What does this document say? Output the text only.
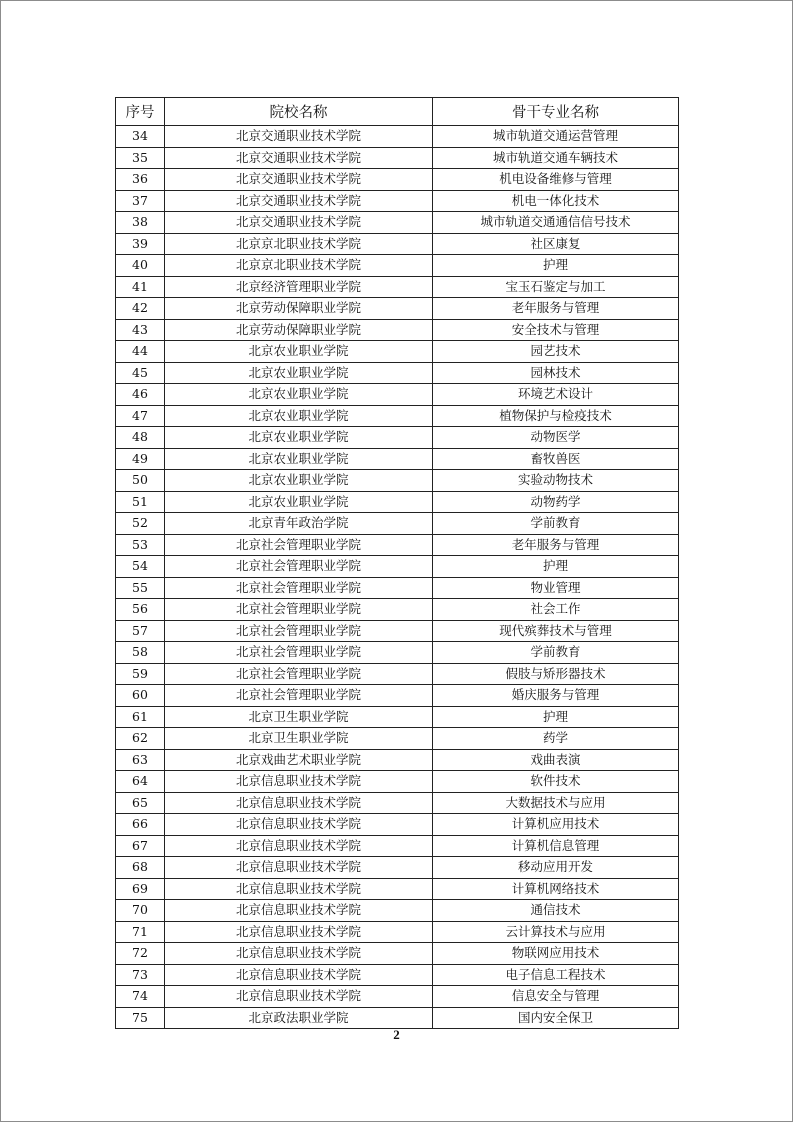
序号	院校名称	骨干专业名称
34	北京交通职业技术学院	城市轨道交通运营管理
35	北京交通职业技术学院	城市轨道交通车辆技术
36	北京交通职业技术学院	机电设备维修与管理
37	北京交通职业技术学院	机电一体化技术
38	北京交通职业技术学院	城市轨道交通通信信号技术
39	北京京北职业技术学院	社区康复
40	北京京北职业技术学院	护理
41	北京经济管理职业学院	宝玉石鉴定与加工
42	北京劳动保障职业学院	老年服务与管理
43	北京劳动保障职业学院	安全技术与管理
44	北京农业职业学院	园艺技术
45	北京农业职业学院	园林技术
46	北京农业职业学院	环境艺术设计
47	北京农业职业学院	植物保护与检疫技术
48	北京农业职业学院	动物医学
49	北京农业职业学院	畜牧兽医
50	北京农业职业学院	实验动物技术
51	北京农业职业学院	动物药学
52	北京青年政治学院	学前教育
53	北京社会管理职业学院	老年服务与管理
54	北京社会管理职业学院	护理
55	北京社会管理职业学院	物业管理
56	北京社会管理职业学院	社会工作
57	北京社会管理职业学院	现代殡葬技术与管理
58	北京社会管理职业学院	学前教育
59	北京社会管理职业学院	假肢与矫形器技术
60	北京社会管理职业学院	婚庆服务与管理
61	北京卫生职业学院	护理
62	北京卫生职业学院	药学
63	北京戏曲艺术职业学院	戏曲表演
64	北京信息职业技术学院	软件技术
65	北京信息职业技术学院	大数据技术与应用
66	北京信息职业技术学院	计算机应用技术
67	北京信息职业技术学院	计算机信息管理
68	北京信息职业技术学院	移动应用开发
69	北京信息职业技术学院	计算机网络技术
70	北京信息职业技术学院	通信技术
71	北京信息职业技术学院	云计算技术与应用
72	北京信息职业技术学院	物联网应用技术
73	北京信息职业技术学院	电子信息工程技术
74	北京信息职业技术学院	信息安全与管理
75	北京政法职业学院	国内安全保卫
2
